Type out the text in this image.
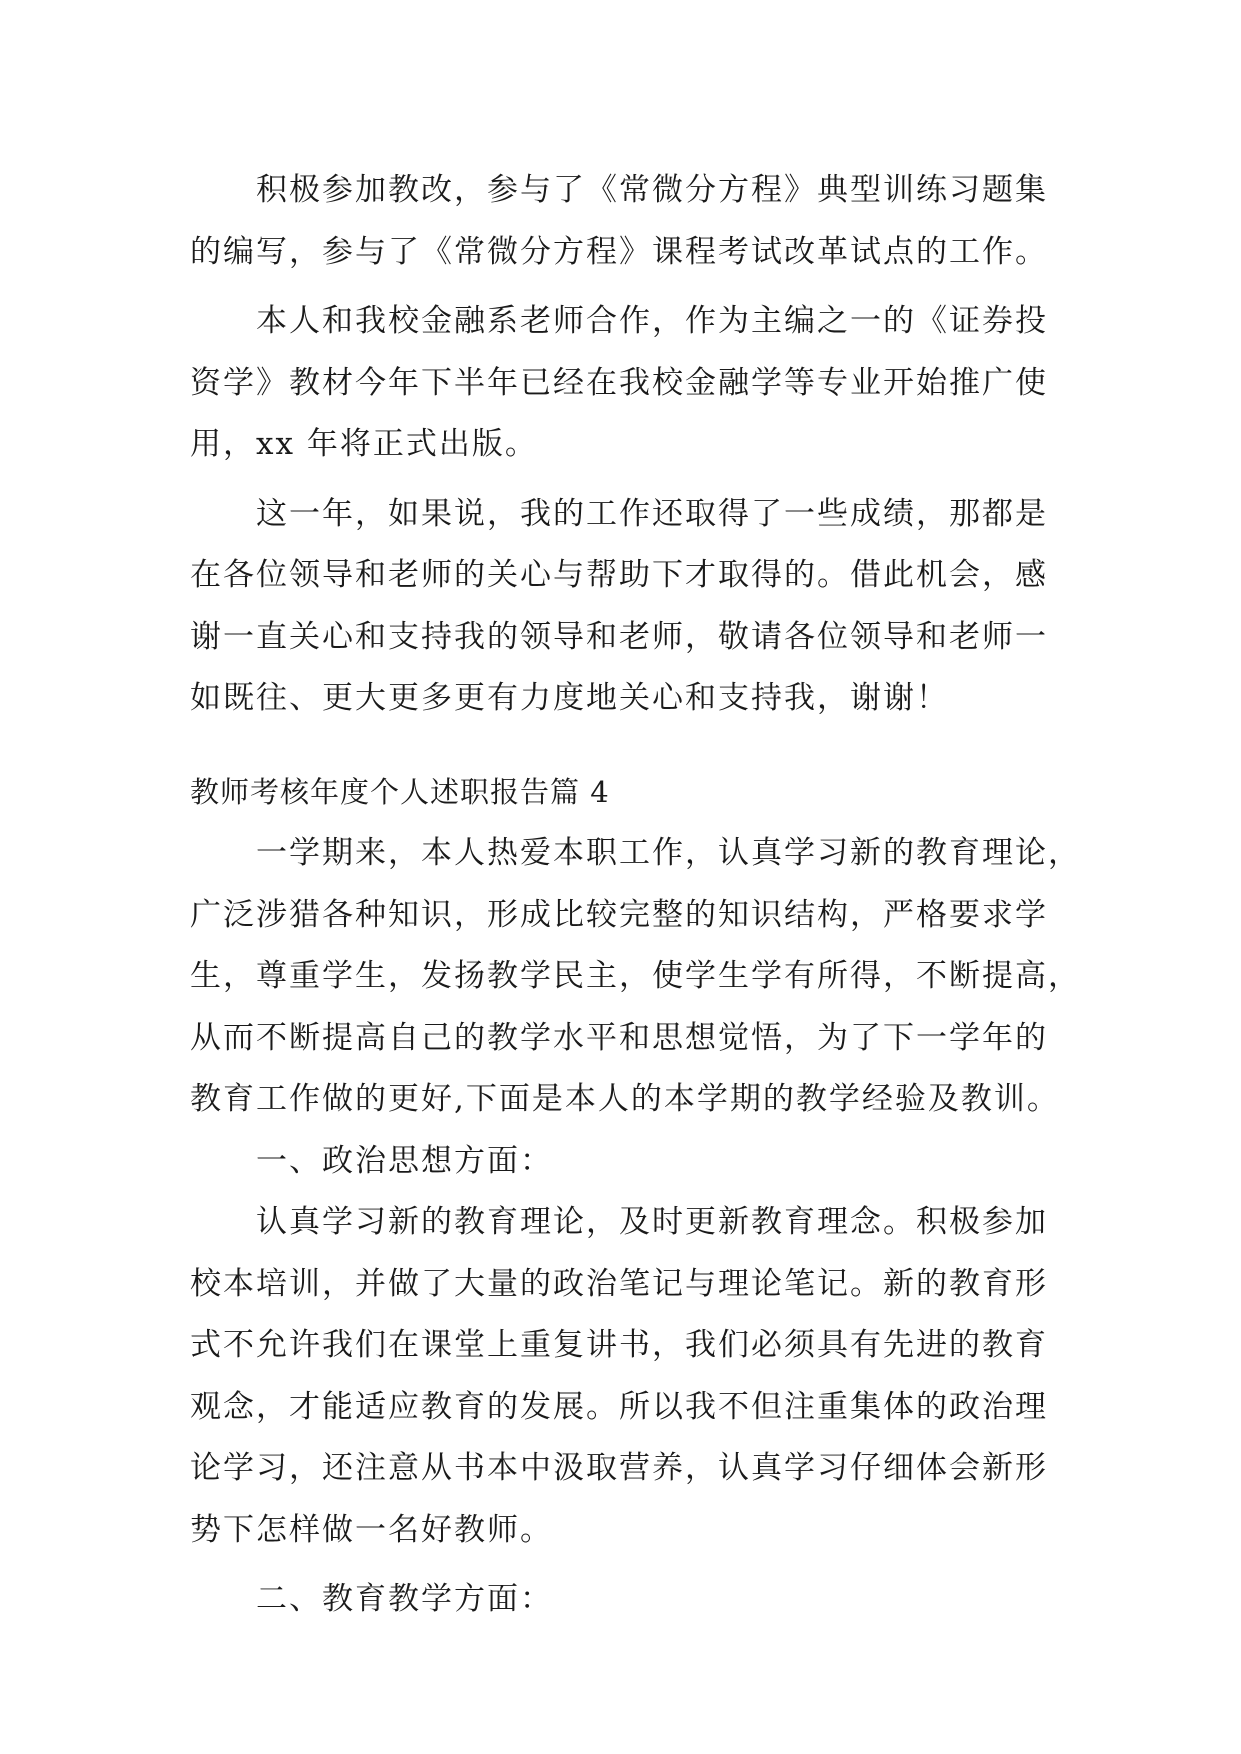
积极参加教改，参与了《常微分方程》典型训练习题集
的编写，参与了《常微分方程》课程考试改革试点的工作。
本人和我校金融系老师合作，作为主编之一的《证券投
资学》教材今年下半年已经在我校金融学等专业开始推广使
用，xx 年将正式出版。
这一年，如果说，我的工作还取得了一些成绩，那都是
在各位领导和老师的关心与帮助下才取得的。借此机会，感
谢一直关心和支持我的领导和老师，敬请各位领导和老师一
如既往、更大更多更有力度地关心和支持我，谢谢！
教师考核年度个人述职报告篇 4
一学期来，本人热爱本职工作，认真学习新的教育理论，
广泛涉猎各种知识，形成比较完整的知识结构，严格要求学
生，尊重学生，发扬教学民主，使学生学有所得，不断提高，
从而不断提高自己的教学水平和思想觉悟，为了下一学年的
教育工作做的更好,下面是本人的本学期的教学经验及教训。
一、政治思想方面：
认真学习新的教育理论，及时更新教育理念。积极参加
校本培训，并做了大量的政治笔记与理论笔记。新的教育形
式不允许我们在课堂上重复讲书，我们必须具有先进的教育
观念，才能适应教育的发展。所以我不但注重集体的政治理
论学习，还注意从书本中汲取营养，认真学习仔细体会新形
势下怎样做一名好教师。
二、教育教学方面：
